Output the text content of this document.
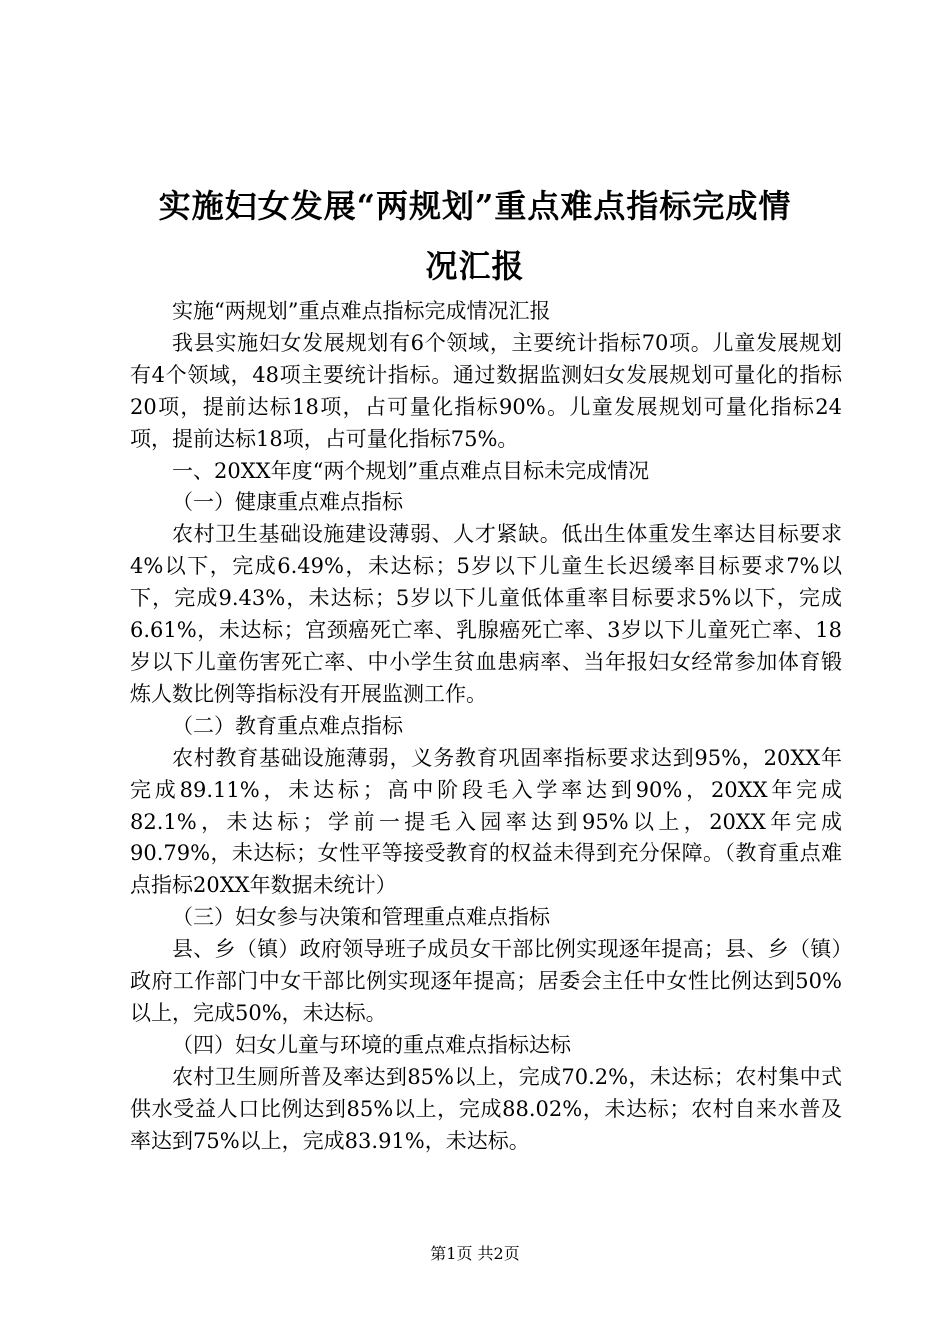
实施妇女发展“两规划”重点难点指标完成情
况汇报

实施“两规划”重点难点指标完成情况汇报

我县实施妇女发展规划有6个领域，主要统计指标70项。儿童发展规划有4个领域，48项主要统计指标。通过数据监测妇女发展规划可量化的指标20项，提前达标18项，占可量化指标90%。儿童发展规划可量化指标24项，提前达标18项，占可量化指标75%。

一、20XX年度“两个规划”重点难点目标未完成情况

（一）健康重点难点指标

农村卫生基础设施建设薄弱、人才紧缺。低出生体重发生率达目标要求4%以下，完成6.49%，未达标；5岁以下儿童生长迟缓率目标要求7%以下，完成9.43%，未达标；5岁以下儿童低体重率目标要求5%以下，完成6.61%，未达标；宫颈癌死亡率、乳腺癌死亡率、3岁以下儿童死亡率、18岁以下儿童伤害死亡率、中小学生贫血患病率、当年报妇女经常参加体育锻炼人数比例等指标没有开展监测工作。

（二）教育重点难点指标

农村教育基础设施薄弱，义务教育巩固率指标要求达到95%，20XX年完成89.11%，未达标；高中阶段毛入学率达到90%，20XX年完成82.1%，未达标；学前一提毛入园率达到95%以上，20XX年完成90.79%，未达标；女性平等接受教育的权益未得到充分保障。（教育重点难点指标20XX年数据未统计）

（三）妇女参与决策和管理重点难点指标

县、乡（镇）政府领导班子成员女干部比例实现逐年提高；县、乡（镇）政府工作部门中女干部比例实现逐年提高；居委会主任中女性比例达到50%以上，完成50%，未达标。

（四）妇女儿童与环境的重点难点指标达标

农村卫生厕所普及率达到85%以上，完成70.2%，未达标；农村集中式供水受益人口比例达到85%以上，完成88.02%，未达标；农村自来水普及率达到75%以上，完成83.91%，未达标。

第1页 共2页
